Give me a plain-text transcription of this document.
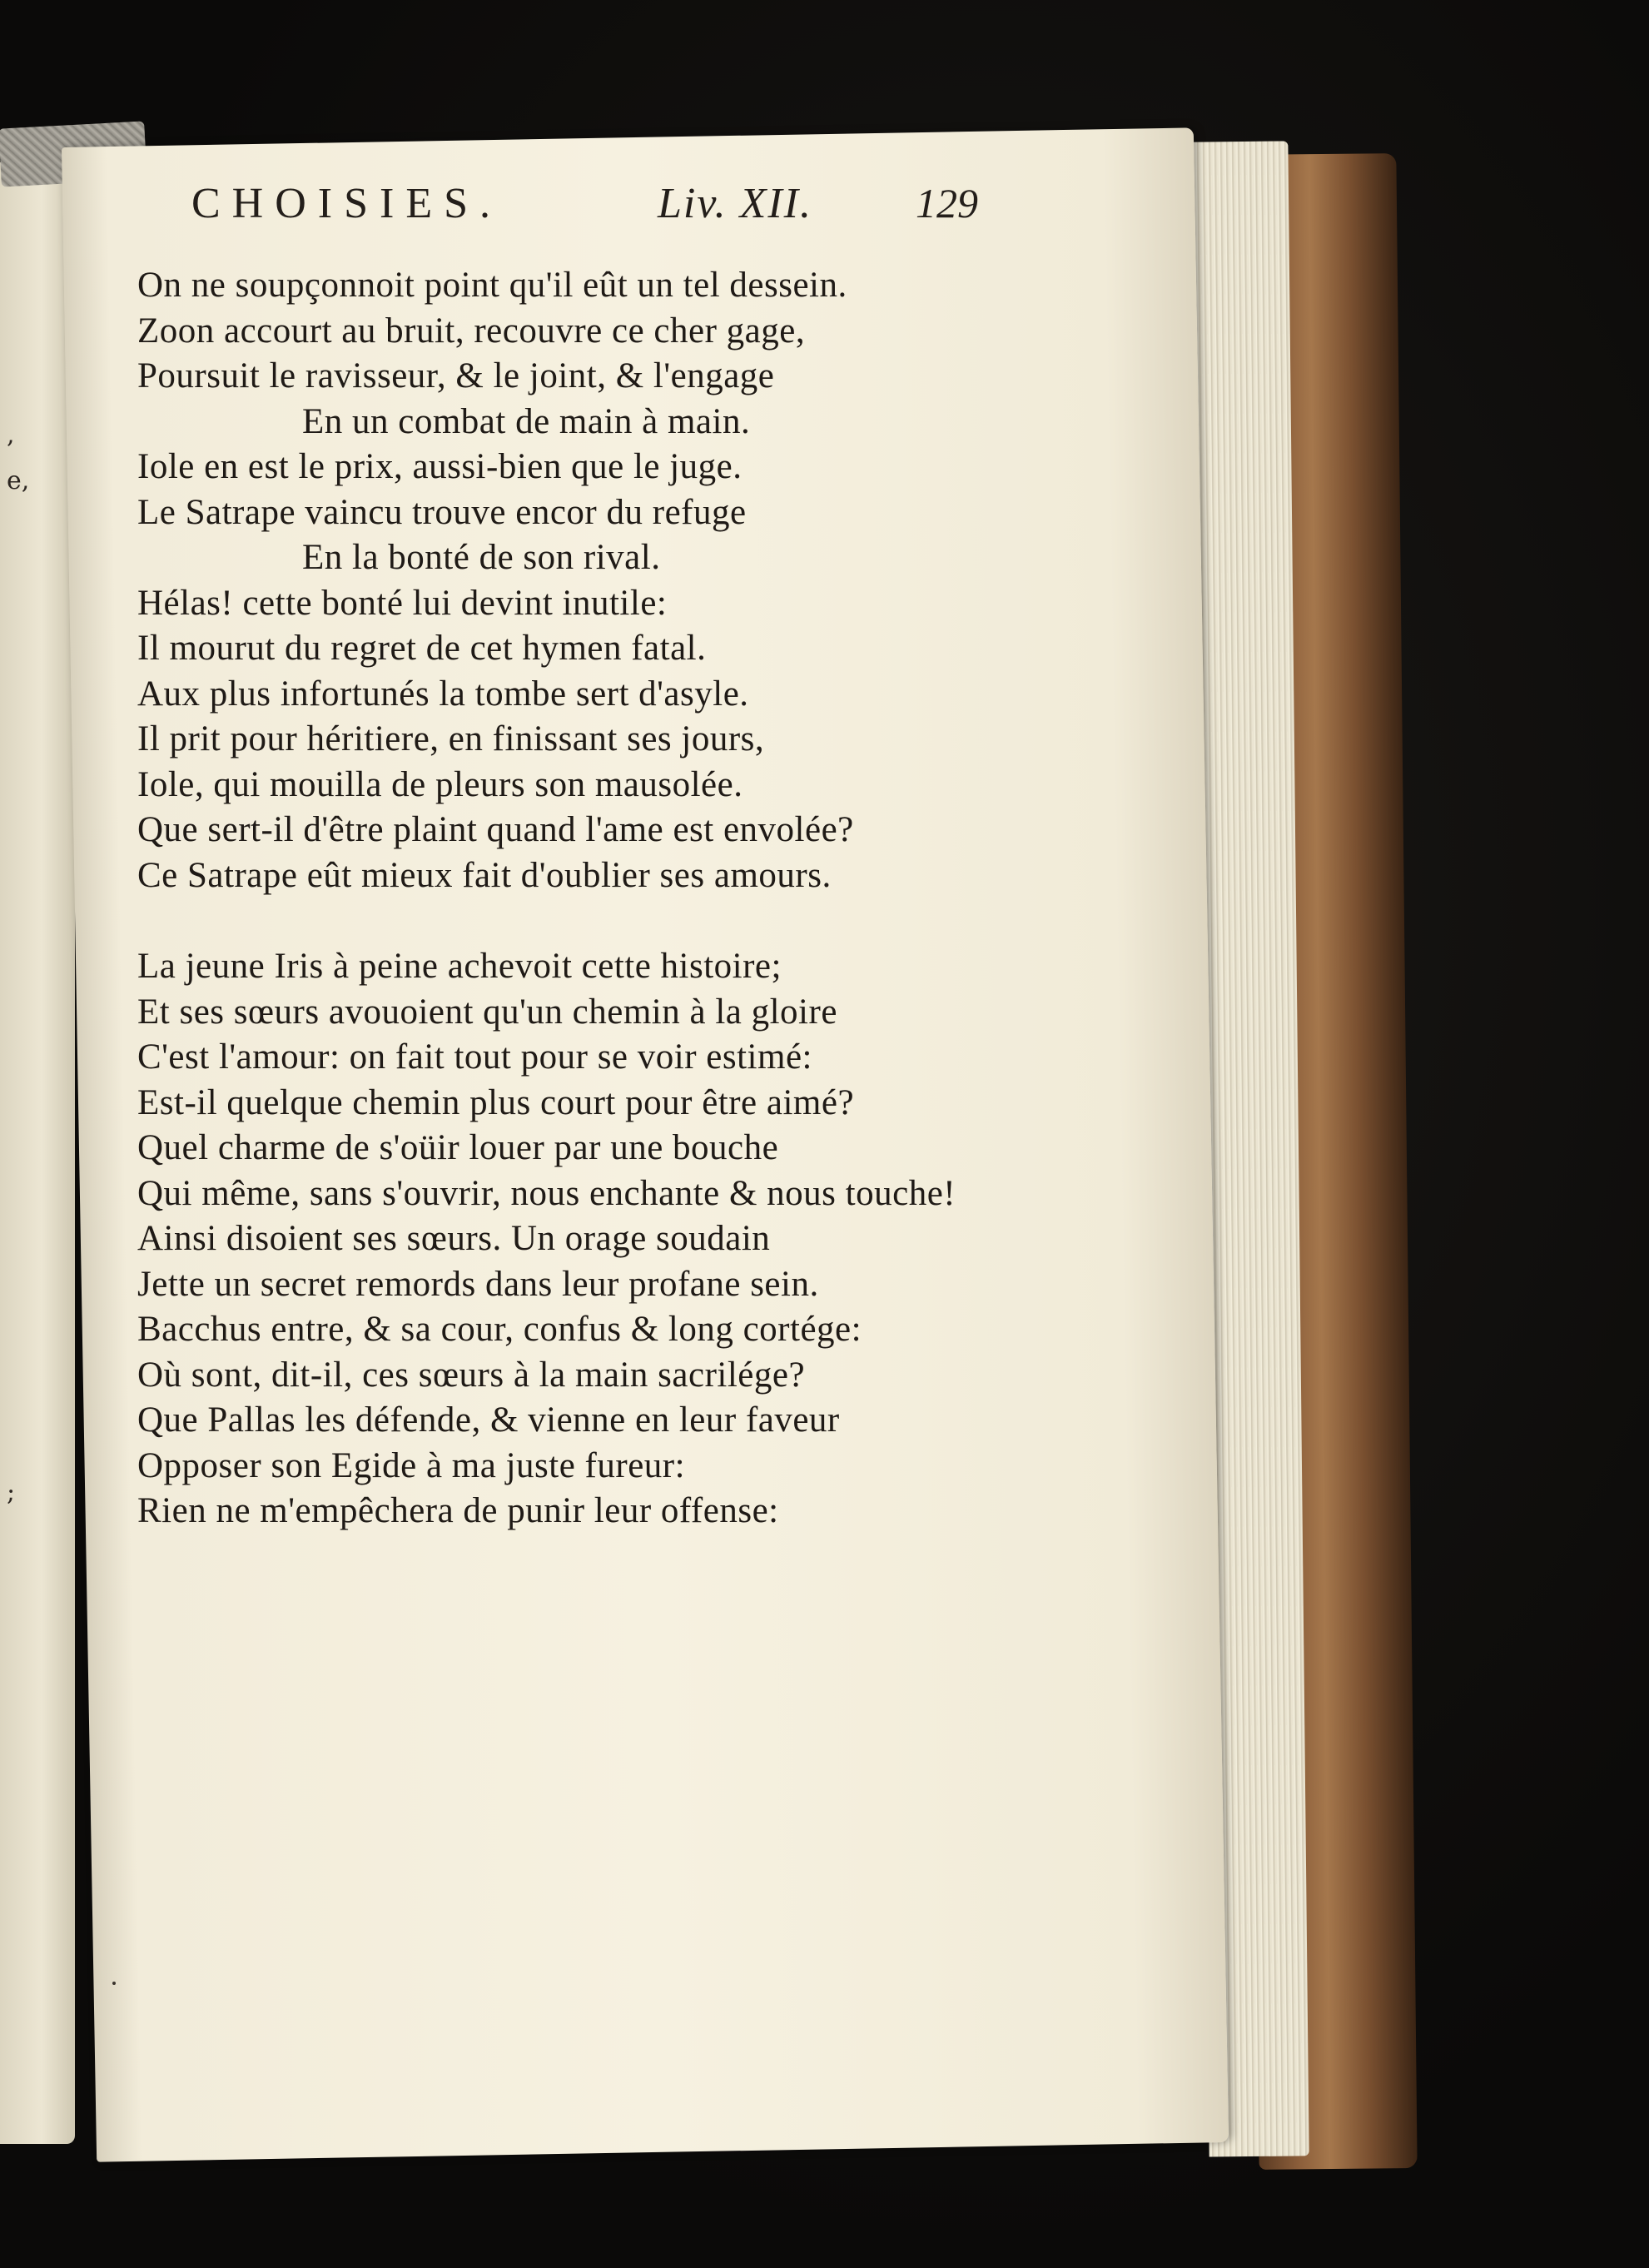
,
e,
;
CHOISIES.	Liv. XII. 129
On ne soupçonnoit point qu'il eût un tel dessein.
Zoon accourt au bruit, recouvre ce cher gage,
Poursuit le ravisseur, & le joint, & l'engage
En un combat de main à main.
Iole en est le prix, aussi-bien que le juge.
Le Satrape vaincu trouve encor du refuge
En la bonté de son rival.
Hélas! cette bonté lui devint inutile:
Il mourut du regret de cet hymen fatal.
Aux plus infortunés la tombe sert d'asyle.
Il prit pour héritiere, en finissant ses jours,
Iole, qui mouilla de pleurs son mausolée.
Que sert-il d'être plaint quand l'ame est envolée?
Ce Satrape eût mieux fait d'oublier ses amours.
La jeune Iris à peine achevoit cette histoire;
Et ses sœurs avouoient qu'un chemin à la gloire
C'est l'amour: on fait tout pour se voir estimé:
Est-il quelque chemin plus court pour être aimé?
Quel charme de s'oüir louer par une bouche
Qui même, sans s'ouvrir, nous enchante & nous touche!
Ainsi disoient ses sœurs. Un orage soudain
Jette un secret remords dans leur profane sein.
Bacchus entre, & sa cour, confus & long cortége:
Où sont, dit-il, ces sœurs à la main sacrilége?
Que Pallas les défende, & vienne en leur faveur
Opposer son Egide à ma juste fureur:
Rien ne m'empêchera de punir leur offense:
